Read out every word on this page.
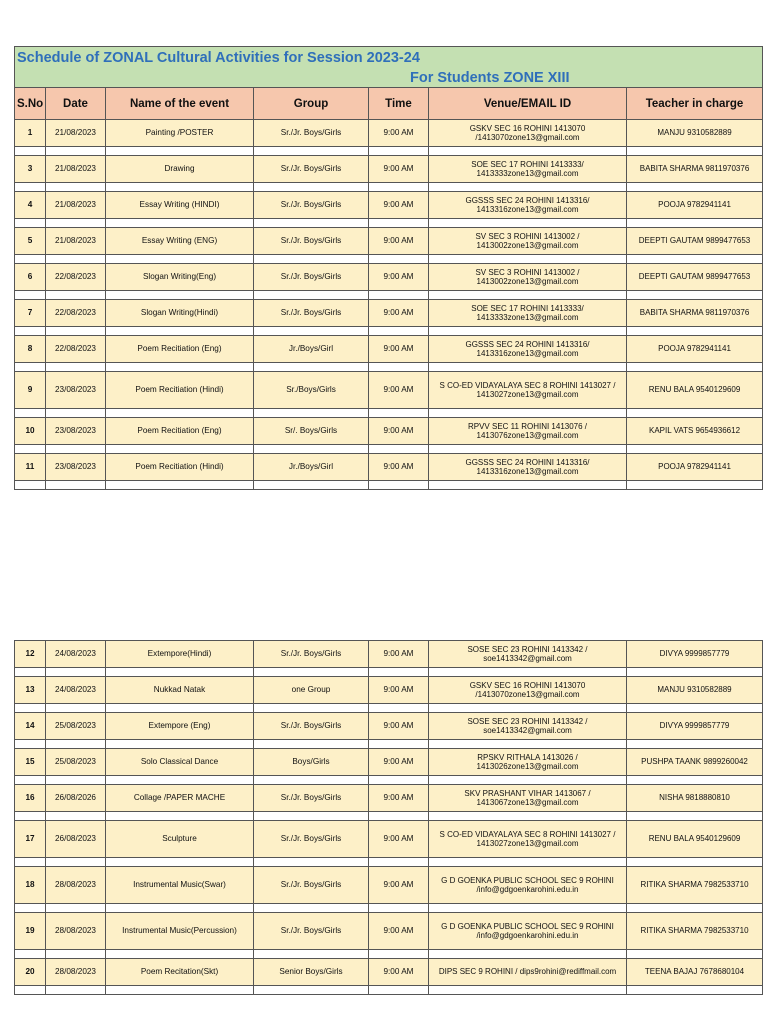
Schedule of ZONAL Cultural Activities for Session 2023-24						
For Students ZONE XIII						
S.No	Date	Name of the event	Group	Time	Venue/EMAIL ID	Teacher in charge
1	21/08/2023	Painting /POSTER	Sr./Jr. Boys/Girls	9:00 AM	GSKV SEC 16 ROHINI 1413070 /1413070zone13@gmail.com	MANJU 9310582889

3	21/08/2023	Drawing	Sr./Jr. Boys/Girls	9:00 AM	SOE SEC 17 ROHINI 1413333/ 1413333zone13@gmail.com	BABITA SHARMA 9811970376

4	21/08/2023	Essay Writing (HINDI)	Sr./Jr. Boys/Girls	9:00 AM	GGSSS SEC 24 ROHINI 1413316/ 1413316zone13@gmail.com	POOJA 9782941141

5	21/08/2023	Essay Writing (ENG)	Sr./Jr. Boys/Girls	9:00 AM	SV SEC 3 ROHINI 1413002 / 1413002zone13@gmail.com	DEEPTI GAUTAM 9899477653

6	22/08/2023	Slogan Writing(Eng)	Sr./Jr. Boys/Girls	9:00 AM	SV SEC 3 ROHINI 1413002 / 1413002zone13@gmail.com	DEEPTI GAUTAM 9899477653

7	22/08/2023	Slogan Writing(Hindi)	Sr./Jr. Boys/Girls	9:00 AM	SOE SEC 17 ROHINI 1413333/ 1413333zone13@gmail.com	BABITA SHARMA 9811970376

8	22/08/2023	Poem Recitiation (Eng)	Jr./Boys/Girl	9:00 AM	GGSSS SEC 24 ROHINI 1413316/ 1413316zone13@gmail.com	POOJA 9782941141

9	23/08/2023	Poem Recitiation (Hindi)	Sr./Boys/Girls	9:00 AM	S CO-ED VIDAYALAYA SEC 8 ROHINI 1413027 / 1413027zone13@gmail.com	RENU BALA 9540129609

10	23/08/2023	Poem Recitiation (Eng)	Sr/. Boys/Girls	9:00 AM	RPVV SEC 11 ROHINI 1413076 / 1413076zone13@gmail.com	KAPIL VATS 9654936612

11	23/08/2023	Poem Recitiation (Hindi)	Jr./Boys/Girl	9:00 AM	GGSSS SEC 24 ROHINI 1413316/ 1413316zone13@gmail.com	POOJA 9782941141

12	24/08/2023	Extempore(Hindi)	Sr./Jr. Boys/Girls	9:00 AM	SOSE SEC 23 ROHINI 1413342 / soe1413342@gmail.com	DIVYA 9999857779

13	24/08/2023	Nukkad Natak	one Group	9:00 AM	GSKV SEC 16 ROHINI 1413070 /1413070zone13@gmail.com	MANJU 9310582889

14	25/08/2023	Extempore (Eng)	Sr./Jr. Boys/Girls	9:00 AM	SOSE SEC 23 ROHINI 1413342 / soe1413342@gmail.com	DIVYA 9999857779

15	25/08/2023	Solo Classical Dance	Boys/Girls	9:00 AM	RPSKV RITHALA 1413026 / 1413026zone13@gmail.com	PUSHPA TAANK 9899260042

16	26/08/2026	Collage /PAPER MACHE	Sr./Jr. Boys/Girls	9:00 AM	SKV PRASHANT VIHAR 1413067 / 1413067zone13@gmail.com	NISHA 9818880810

17	26/08/2023	Sculpture	Sr./Jr. Boys/Girls	9:00 AM	S CO-ED VIDAYALAYA SEC 8 ROHINI 1413027 / 1413027zone13@gmail.com	RENU BALA 9540129609

18	28/08/2023	Instrumental Music(Swar)	Sr./Jr. Boys/Girls	9:00 AM	G D GOENKA PUBLIC SCHOOL SEC 9 ROHINI /info@gdgoenkarohini.edu.in	RITIKA SHARMA 7982533710

19	28/08/2023	Instrumental Music(Percussion)	Sr./Jr. Boys/Girls	9:00 AM	G D GOENKA PUBLIC SCHOOL SEC 9 ROHINI /info@gdgoenkarohini.edu.in	RITIKA SHARMA 7982533710

20	28/08/2023	Poem Recitation(Skt)	Senior Boys/Girls	9:00 AM	DIPS SEC 9 ROHINI / dips9rohini@rediffmail.com	TEENA BAJAJ 7678680104
